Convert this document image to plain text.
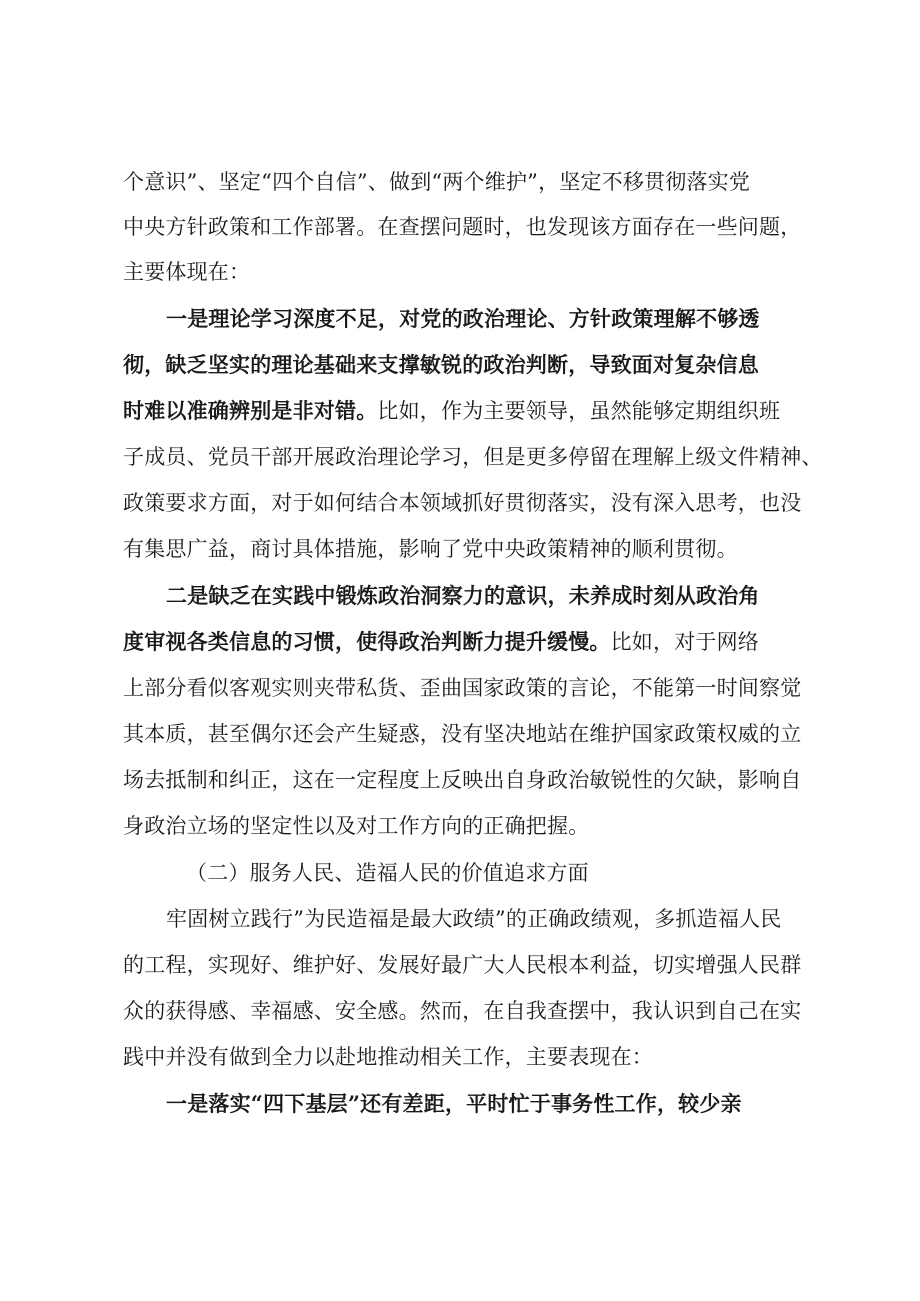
个意识”、坚定“四个自信”、做到“两个维护”，坚定不移贯彻落实党
中央方针政策和工作部署。在查摆问题时，也发现该方面存在一些问题，
主要体现在：
一是理论学习深度不足，对党的政治理论、方针政策理解不够透
彻，缺乏坚实的理论基础来支撑敏锐的政治判断，导致面对复杂信息
时难以准确辨别是非对错。比如，作为主要领导，虽然能够定期组织班
子成员、党员干部开展政治理论学习，但是更多停留在理解上级文件精神、
政策要求方面，对于如何结合本领域抓好贯彻落实，没有深入思考，也没
有集思广益，商讨具体措施，影响了党中央政策精神的顺利贯彻。
二是缺乏在实践中锻炼政治洞察力的意识，未养成时刻从政治角
度审视各类信息的习惯，使得政治判断力提升缓慢。比如，对于网络
上部分看似客观实则夹带私货、歪曲国家政策的言论，不能第一时间察觉
其本质，甚至偶尔还会产生疑惑，没有坚决地站在维护国家政策权威的立
场去抵制和纠正，这在一定程度上反映出自身政治敏锐性的欠缺，影响自
身政治立场的坚定性以及对工作方向的正确把握。
（二）服务人民、造福人民的价值追求方面
牢固树立践行”为民造福是最大政绩”的正确政绩观，多抓造福人民
的工程，实现好、维护好、发展好最广大人民根本利益，切实增强人民群
众的获得感、幸福感、安全感。然而，在自我查摆中，我认识到自己在实
践中并没有做到全力以赴地推动相关工作，主要表现在：
一是落实“四下基层”还有差距，平时忙于事务性工作，较少亲
